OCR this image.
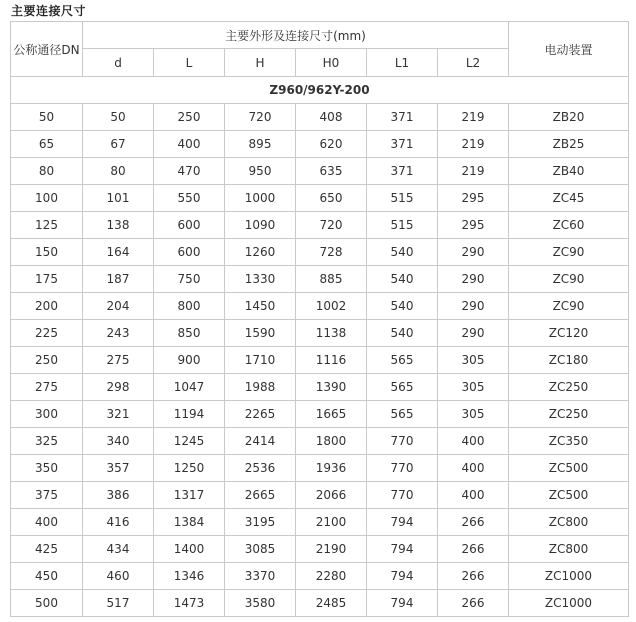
主要连接尺寸
公称通径DN	主要外形及连接尺寸(mm)						电动装置
	d	L	H	H0	L1	L2	
Z960/962Y-200							
50	50	250	720	408	371	219	ZB20
65	67	400	895	620	371	219	ZB25
80	80	470	950	635	371	219	ZB40
100	101	550	1000	650	515	295	ZC45
125	138	600	1090	720	515	295	ZC60
150	164	600	1260	728	540	290	ZC90
175	187	750	1330	885	540	290	ZC90
200	204	800	1450	1002	540	290	ZC90
225	243	850	1590	1138	540	290	ZC120
250	275	900	1710	1116	565	305	ZC180
275	298	1047	1988	1390	565	305	ZC250
300	321	1194	2265	1665	565	305	ZC250
325	340	1245	2414	1800	770	400	ZC350
350	357	1250	2536	1936	770	400	ZC500
375	386	1317	2665	2066	770	400	ZC500
400	416	1384	3195	2100	794	266	ZC800
425	434	1400	3085	2190	794	266	ZC800
450	460	1346	3370	2280	794	266	ZC1000
500	517	1473	3580	2485	794	266	ZC1000
